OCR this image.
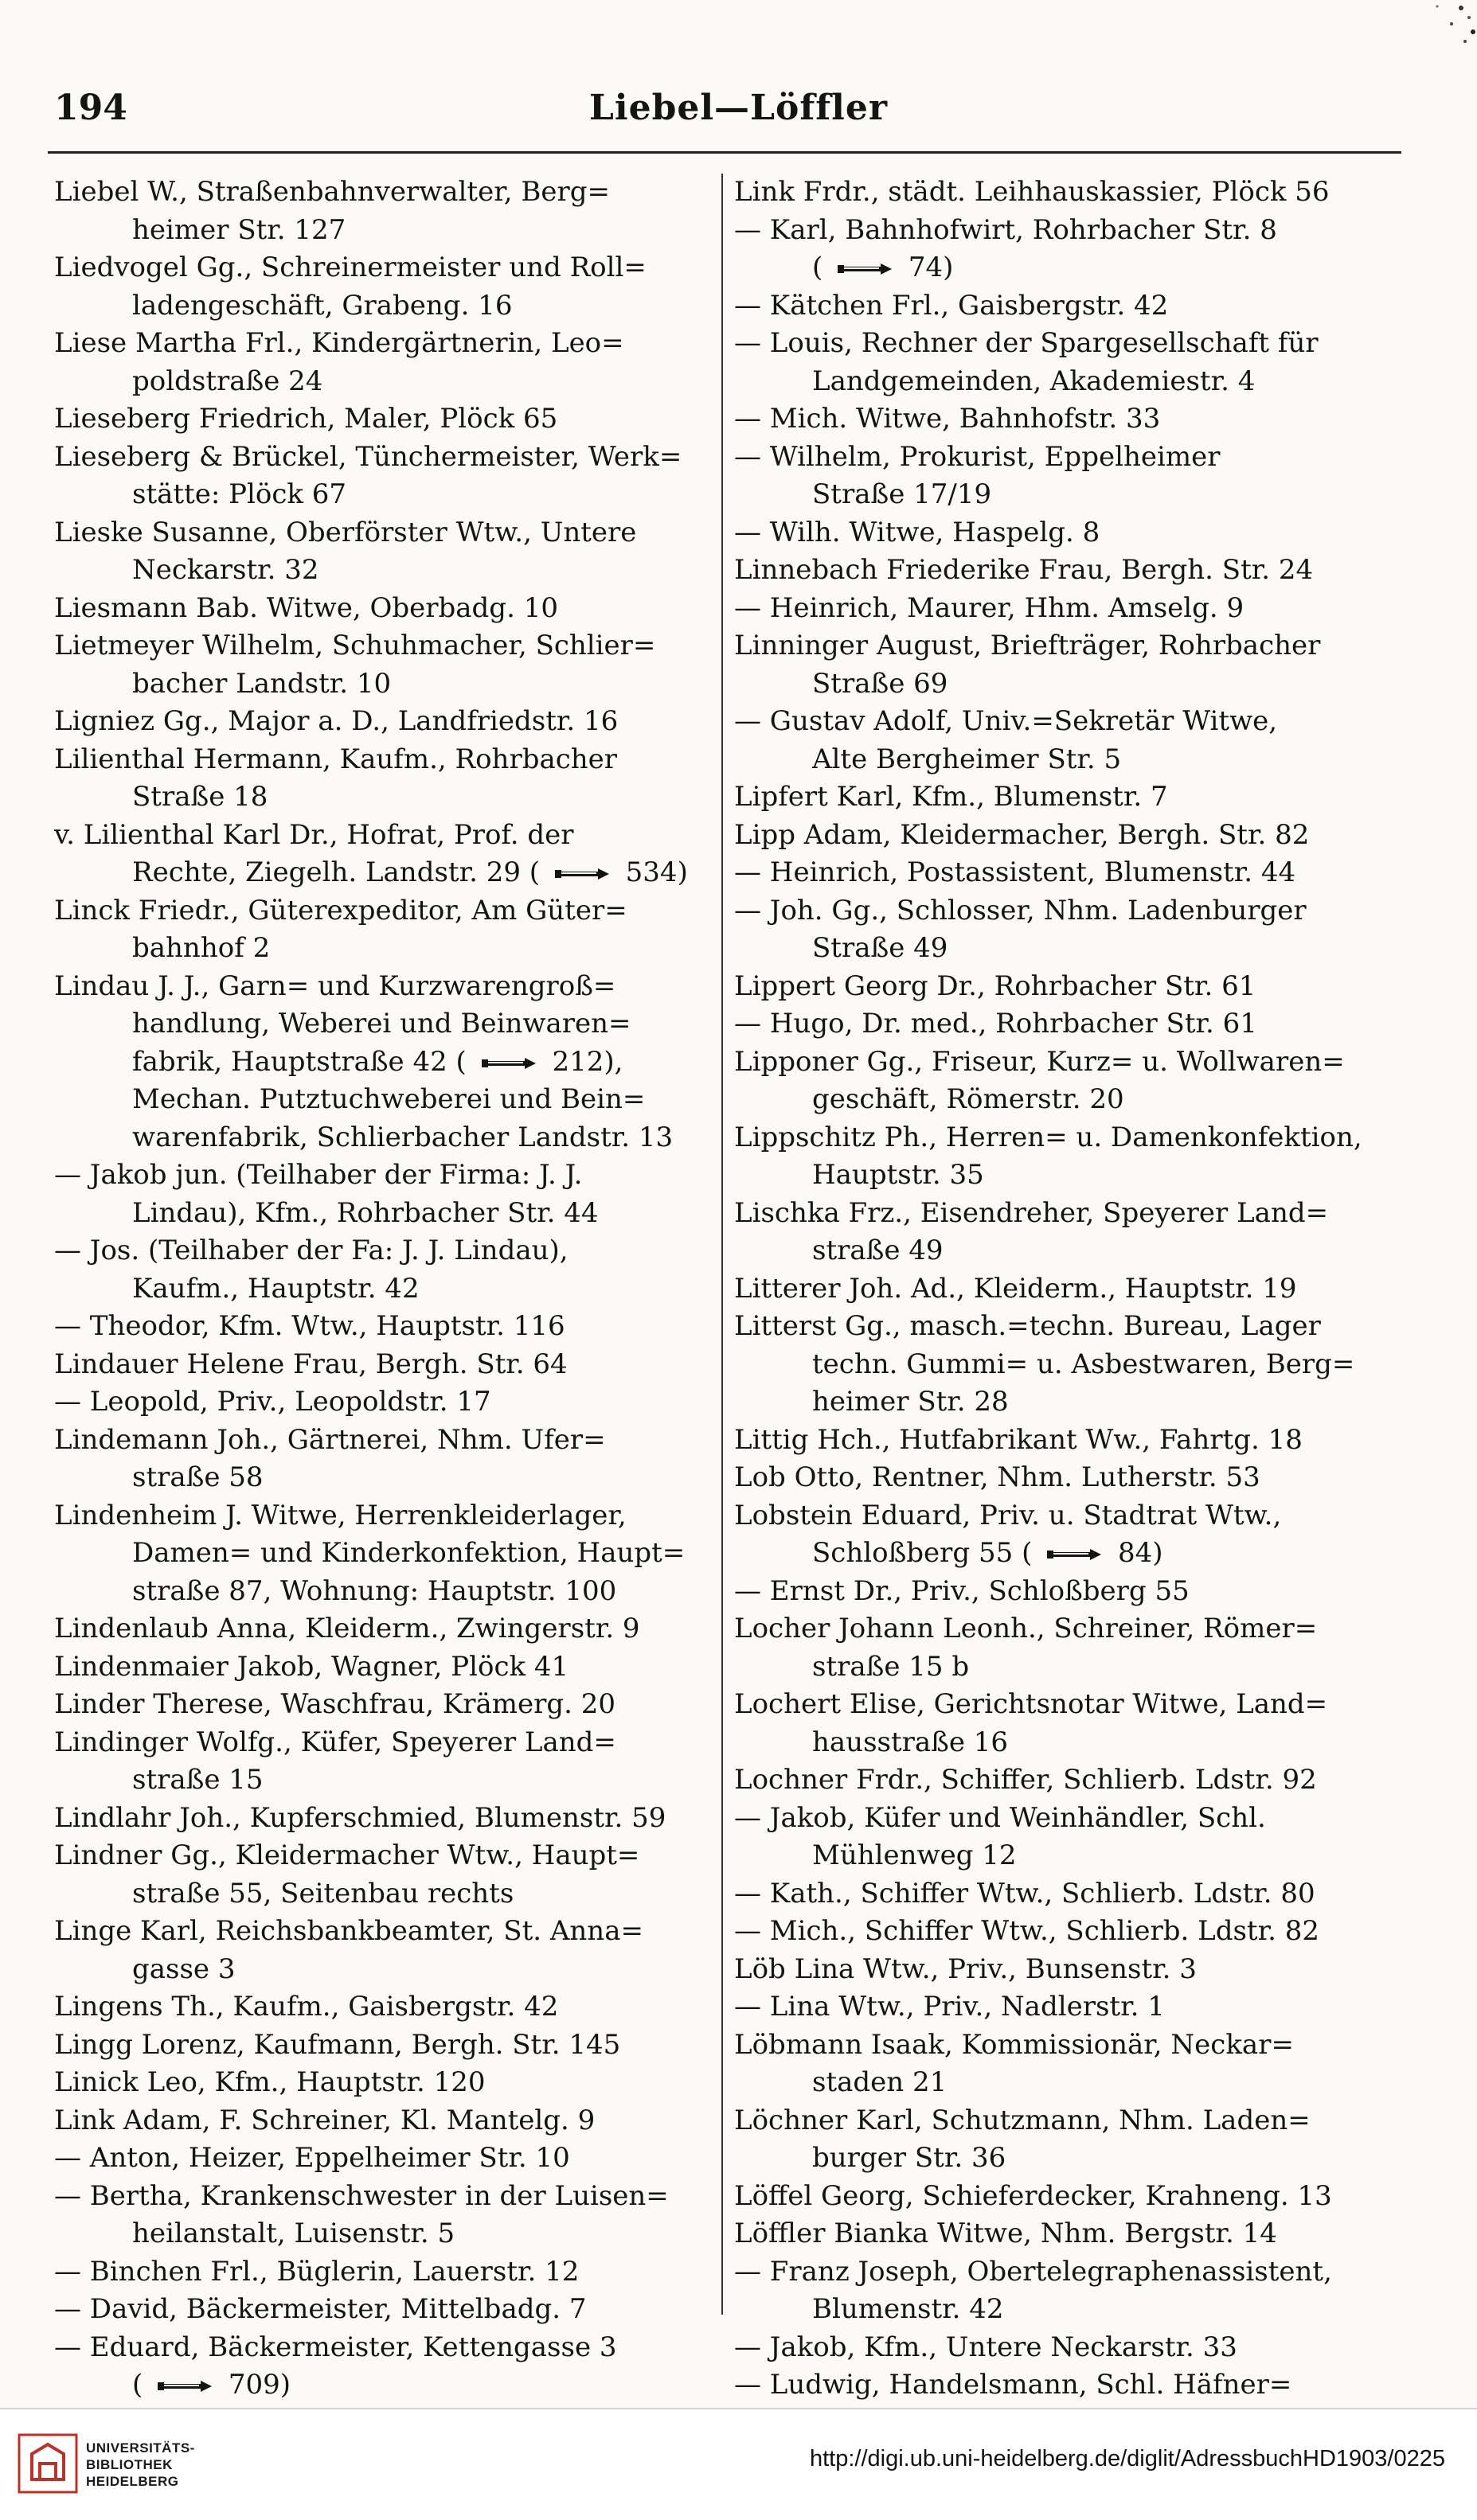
194	Liebel—Löffler
Liebel W., Straßenbahnverwalter, Berg=
heimer Str. 127
Liedvogel Gg., Schreinermeister und Roll=
ladengeschäft, Grabeng. 16
Liese Martha Frl., Kindergärtnerin, Leo=
poldstraße 24
Lieseberg Friedrich, Maler, Plöck 65
Lieseberg & Brückel, Tünchermeister, Werk=
stätte: Plöck 67
Lieske Susanne, Oberförster Wtw., Untere
Neckarstr. 32
Liesmann Bab. Witwe, Oberbadg. 10
Lietmeyer Wilhelm, Schuhmacher, Schlier=
bacher Landstr. 10
Ligniez Gg., Major a. D., Landfriedstr. 16
Lilienthal Hermann, Kaufm., Rohrbacher
Straße 18
v. Lilienthal Karl Dr., Hofrat, Prof. der
Rechte, Ziegelh. Landstr. 29 (	534)
Linck Friedr., Güterexpeditor, Am Güter=
bahnhof 2
Lindau J. J., Garn= und Kurzwarengroß=
handlung, Weberei und Beinwaren=
fabrik, Hauptstraße 42 (	212),
Mechan. Putztuchweberei und Bein=
warenfabrik, Schlierbacher Landstr. 13
— Jakob jun. (Teilhaber der Firma: J. J.
Lindau), Kfm., Rohrbacher Str. 44
— Jos. (Teilhaber der Fa: J. J. Lindau),
Kaufm., Hauptstr. 42
— Theodor, Kfm. Wtw., Hauptstr. 116
Lindauer Helene Frau, Bergh. Str. 64
— Leopold, Priv., Leopoldstr. 17
Lindemann Joh., Gärtnerei, Nhm. Ufer=
straße 58
Lindenheim J. Witwe, Herrenkleiderlager,
Damen= und Kinderkonfektion, Haupt=
straße 87, Wohnung: Hauptstr. 100
Lindenlaub Anna, Kleiderm., Zwingerstr. 9
Lindenmaier Jakob, Wagner, Plöck 41
Linder Therese, Waschfrau, Krämerg. 20
Lindinger Wolfg., Küfer, Speyerer Land=
straße 15
Lindlahr Joh., Kupferschmied, Blumenstr. 59
Lindner Gg., Kleidermacher Wtw., Haupt=
straße 55, Seitenbau rechts
Linge Karl, Reichsbankbeamter, St. Anna=
gasse 3
Lingens Th., Kaufm., Gaisbergstr. 42
Lingg Lorenz, Kaufmann, Bergh. Str. 145
Linick Leo, Kfm., Hauptstr. 120
Link Adam, F. Schreiner, Kl. Mantelg. 9
— Anton, Heizer, Eppelheimer Str. 10
— Bertha, Krankenschwester in der Luisen=
heilanstalt, Luisenstr. 5
— Binchen Frl., Büglerin, Lauerstr. 12
— David, Bäckermeister, Mittelbadg. 7
— Eduard, Bäckermeister, Kettengasse 3
(	709)
Link Frdr., städt. Leihhauskassier, Plöck 56
— Karl, Bahnhofwirt, Rohrbacher Str. 8
(	74)
— Kätchen Frl., Gaisbergstr. 42
— Louis, Rechner der Spargesellschaft für
Landgemeinden, Akademiestr. 4
— Mich. Witwe, Bahnhofstr. 33
— Wilhelm, Prokurist, Eppelheimer
Straße 17/19
— Wilh. Witwe, Haspelg. 8
Linnebach Friederike Frau, Bergh. Str. 24
— Heinrich, Maurer, Hhm. Amselg. 9
Linninger August, Briefträger, Rohrbacher
Straße 69
— Gustav Adolf, Univ.=Sekretär Witwe,
Alte Bergheimer Str. 5
Lipfert Karl, Kfm., Blumenstr. 7
Lipp Adam, Kleidermacher, Bergh. Str. 82
— Heinrich, Postassistent, Blumenstr. 44
— Joh. Gg., Schlosser, Nhm. Ladenburger
Straße 49
Lippert Georg Dr., Rohrbacher Str. 61
— Hugo, Dr. med., Rohrbacher Str. 61
Lipponer Gg., Friseur, Kurz= u. Wollwaren=
geschäft, Römerstr. 20
Lippschitz Ph., Herren= u. Damenkonfektion,
Hauptstr. 35
Lischka Frz., Eisendreher, Speyerer Land=
straße 49
Litterer Joh. Ad., Kleiderm., Hauptstr. 19
Litterst Gg., masch.=techn. Bureau, Lager
techn. Gummi= u. Asbestwaren, Berg=
heimer Str. 28
Littig Hch., Hutfabrikant Ww., Fahrtg. 18
Lob Otto, Rentner, Nhm. Lutherstr. 53
Lobstein Eduard, Priv. u. Stadtrat Wtw.,
Schloßberg 55 (	84)
— Ernst Dr., Priv., Schloßberg 55
Locher Johann Leonh., Schreiner, Römer=
straße 15 b
Lochert Elise, Gerichtsnotar Witwe, Land=
hausstraße 16
Lochner Frdr., Schiffer, Schlierb. Ldstr. 92
— Jakob, Küfer und Weinhändler, Schl.
Mühlenweg 12
— Kath., Schiffer Wtw., Schlierb. Ldstr. 80
— Mich., Schiffer Wtw., Schlierb. Ldstr. 82
Löb Lina Wtw., Priv., Bunsenstr. 3
— Lina Wtw., Priv., Nadlerstr. 1
Löbmann Isaak, Kommissionär, Neckar=
staden 21
Löchner Karl, Schutzmann, Nhm. Laden=
burger Str. 36
Löffel Georg, Schieferdecker, Krahneng. 13
Löffler Bianka Witwe, Nhm. Bergstr. 14
— Franz Joseph, Obertelegraphenassistent,
Blumenstr. 42
— Jakob, Kfm., Untere Neckarstr. 33
— Ludwig, Handelsmann, Schl. Häfner=
UNIVERSITÄTS-
BIBLIOTHEK
HEIDELBERG
http://digi.ub.uni-heidelberg.de/diglit/AdressbuchHD1903/0225
